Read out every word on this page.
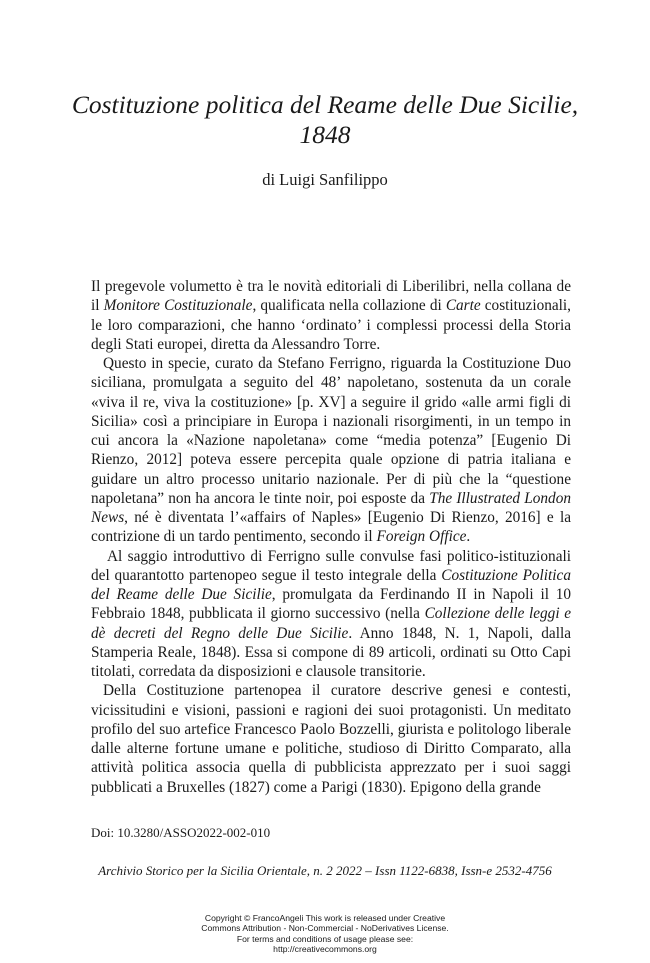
Costituzione politica del Reame delle Due Sicilie,
1848
di Luigi Sanfilippo

Il pregevole volumetto è tra le novità editoriali di Liberilibri, nella collana de il Monitore Costituzionale, qualificata nella collazione di Carte costituzionali, le loro comparazioni, che hanno ‘ordinato’ i complessi processi della Storia degli Stati europei, diretta da Alessandro Torre.

Questo in specie, curato da Stefano Ferrigno, riguarda la Costituzione Duo siciliana, promulgata a seguito del 48’ napoletano, sostenuta da un corale «viva il re, viva la costituzione» [p. XV] a seguire il grido «alle armi figli di Sicilia» così a principiare in Europa i nazionali risorgimenti, in un tempo in cui ancora la «Nazione napoletana» come “media potenza” [Eugenio Di Rienzo, 2012] poteva essere percepita quale opzione di patria italiana e guidare un altro processo unitario nazionale. Per di più che la “questione napoletana” non ha ancora le tinte noir, poi esposte da The Illustrated London News, né è diventata l’«affairs of Naples» [Eugenio Di Rienzo, 2016] e la contrizione di un tardo pentimento, secondo il Foreign Office.

Al saggio introduttivo di Ferrigno sulle convulse fasi politico-istituzionali del quarantotto partenopeo segue il testo integrale della Costituzione Politica del Reame delle Due Sicilie, promulgata da Ferdinando II in Napoli il 10 Febbraio 1848, pubblicata il giorno successivo (nella Collezione delle leggi e dè decreti del Regno delle Due Sicilie. Anno 1848, N. 1, Napoli, dalla Stamperia Reale, 1848). Essa si compone di 89 articoli, ordinati su Otto Capi titolati, corredata da disposizioni e clausole transitorie.

Della Costituzione partenopea il curatore descrive genesi e contesti, vicissitudini e visioni, passioni e ragioni dei suoi protagonisti. Un meditato profilo del suo artefice Francesco Paolo Bozzelli, giurista e politologo liberale dalle alterne fortune umane e politiche, studioso di Diritto Comparato, alla attività politica associa quella di pubblicista apprezzato per i suoi saggi pubblicati a Bruxelles (1827) come a Parigi (1830). Epigono della grande

Doi: 10.3280/ASSO2022-002-010
Archivio Storico per la Sicilia Orientale, n. 2 2022 – Issn 1122-6838, Issn-e 2532-4756
Copyright © FrancoAngeli This work is released under Creative
Commons Attribution - Non-Commercial - NoDerivatives License.
For terms and conditions of usage please see:
http://creativecommons.org
